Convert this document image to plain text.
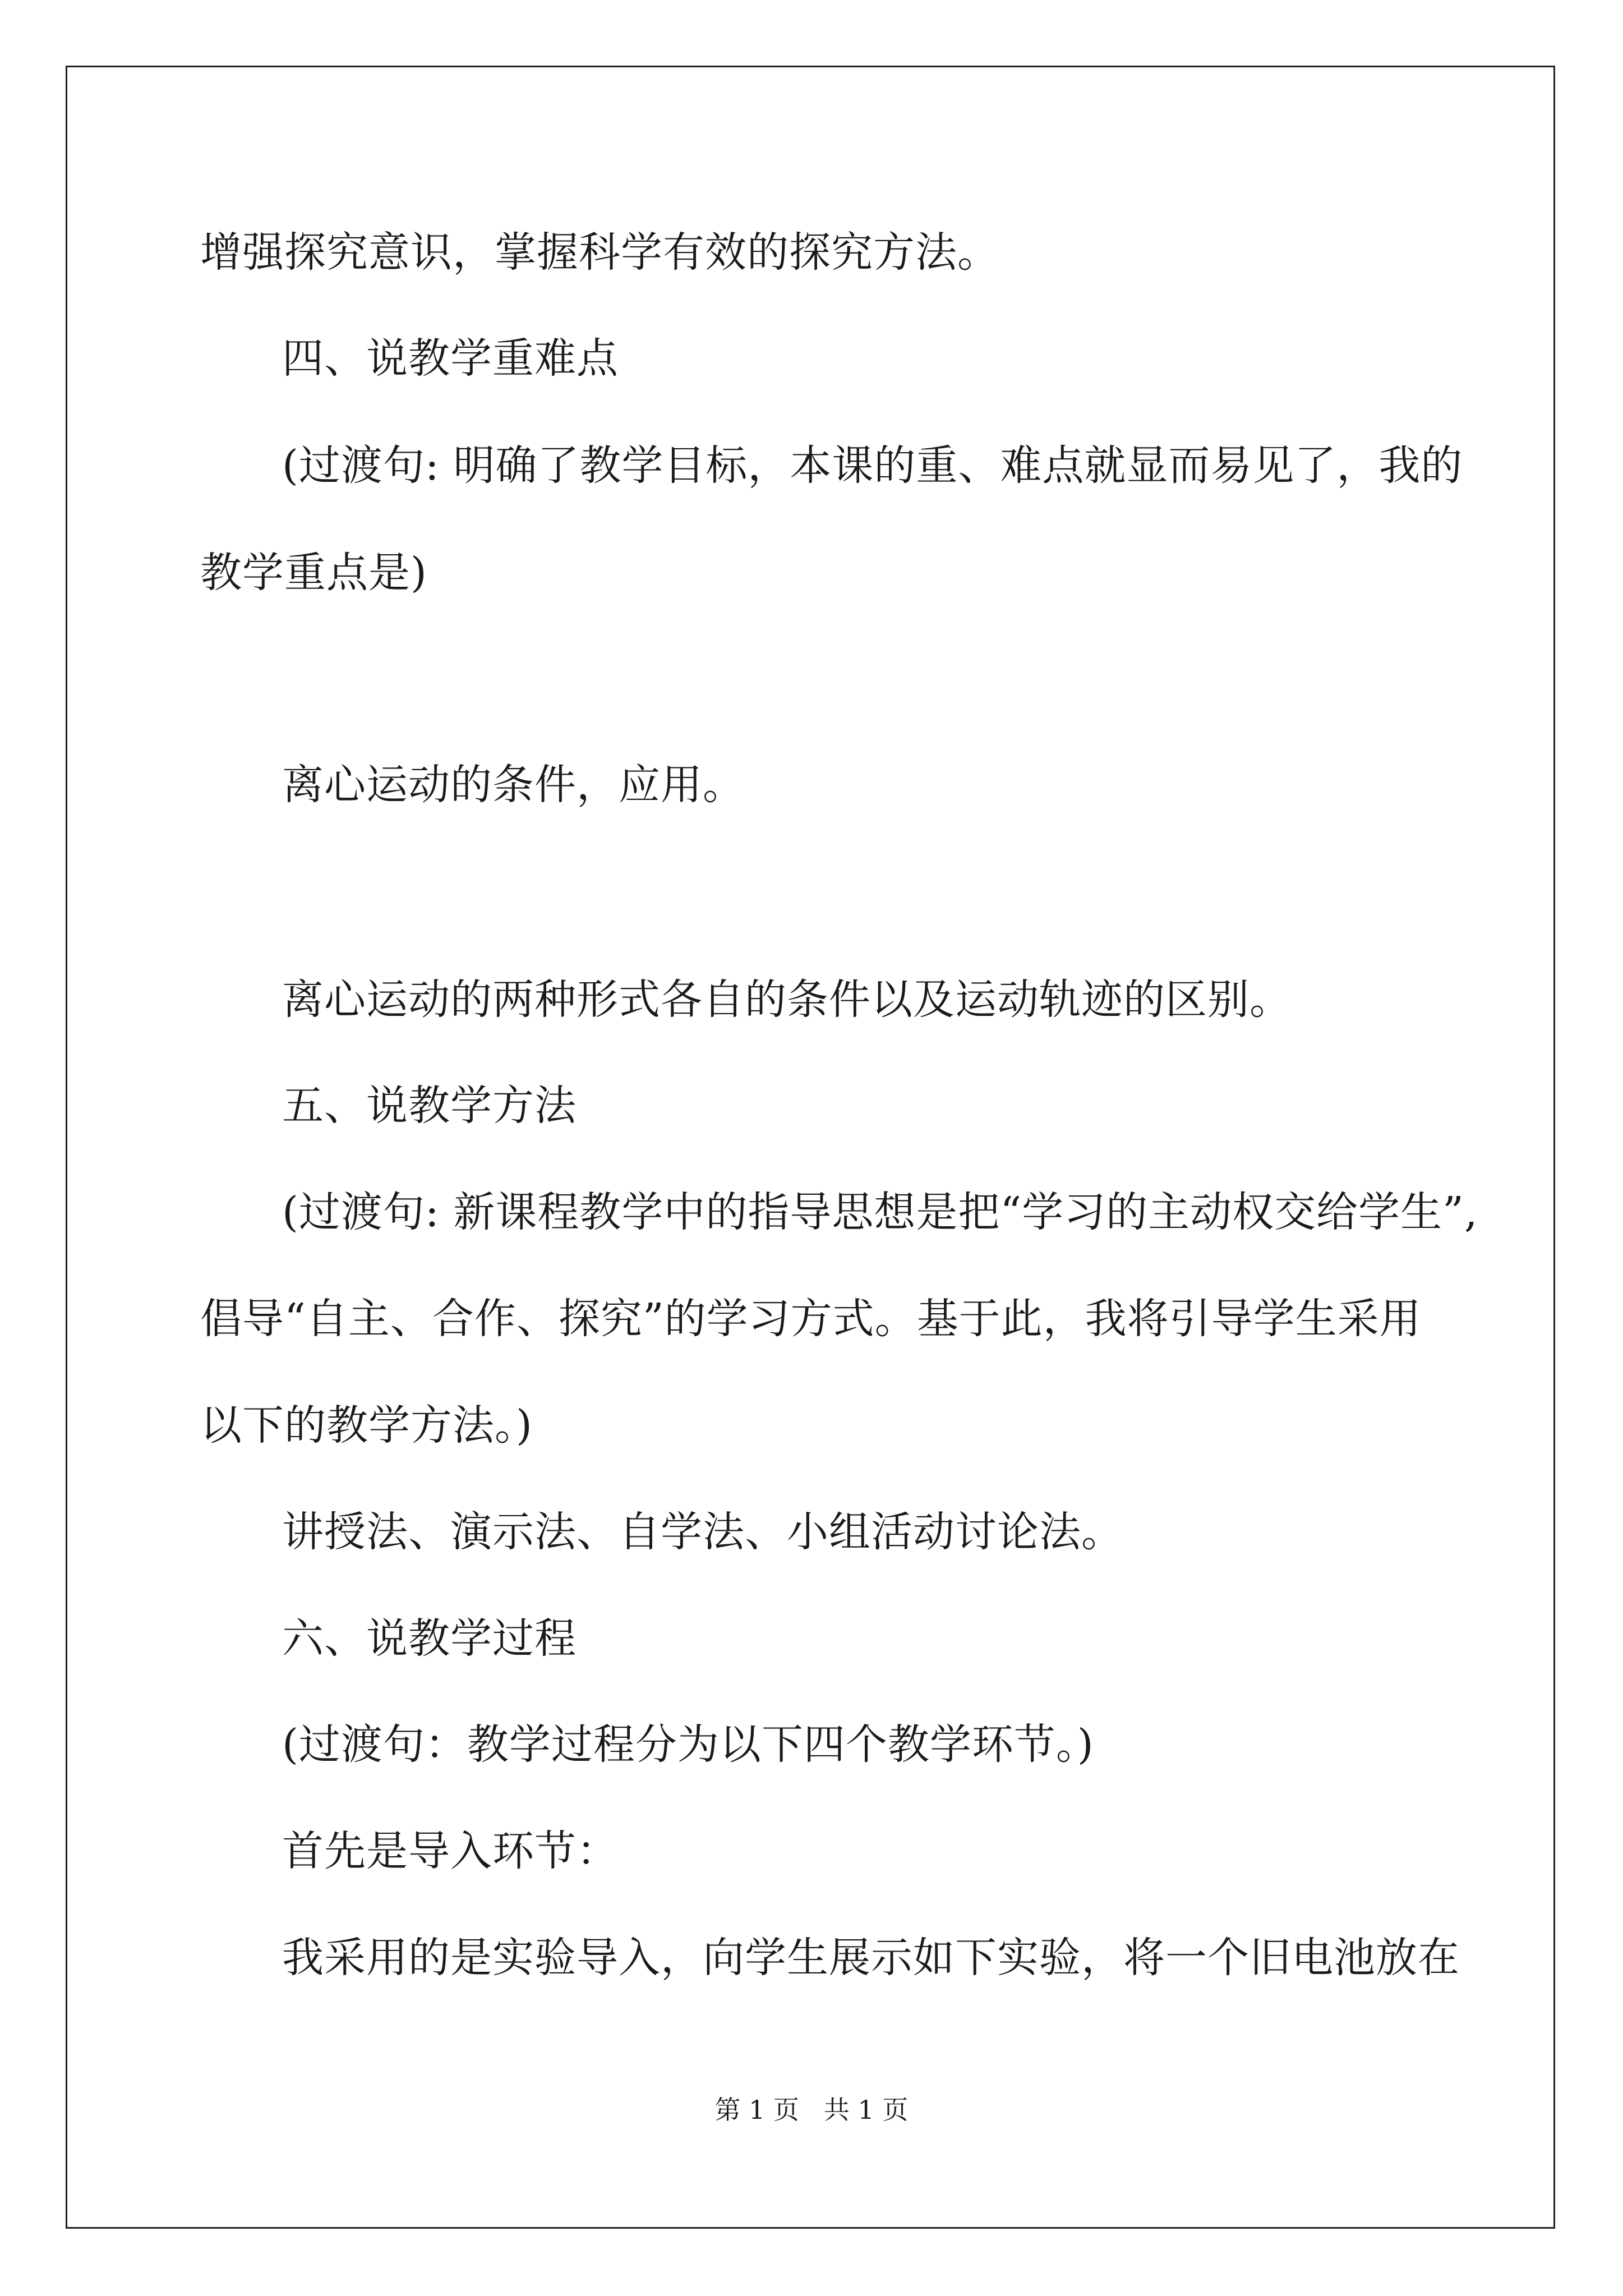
增强探究意识，掌握科学有效的探究方法。
四、说教学重难点
(过渡句: 明确了教学目标，本课的重、难点就显而易见了，我的
教学重点是)
离心运动的条件，应用。
离心运动的两种形式各自的条件以及运动轨迹的区别。
五、说教学方法
(过渡句: 新课程教学中的指导思想是把“学习的主动权交给学生”,
倡导“自主、合作、探究”的学习方式。基于此，我将引导学生采用
以下的教学方法。)
讲授法、演示法、自学法、小组活动讨论法。
六、说教学过程
(过渡句：教学过程分为以下四个教学环节。)
首先是导入环节：
我采用的是实验导入，向学生展示如下实验，将一个旧电池放在
第 1 页   共 1 页
